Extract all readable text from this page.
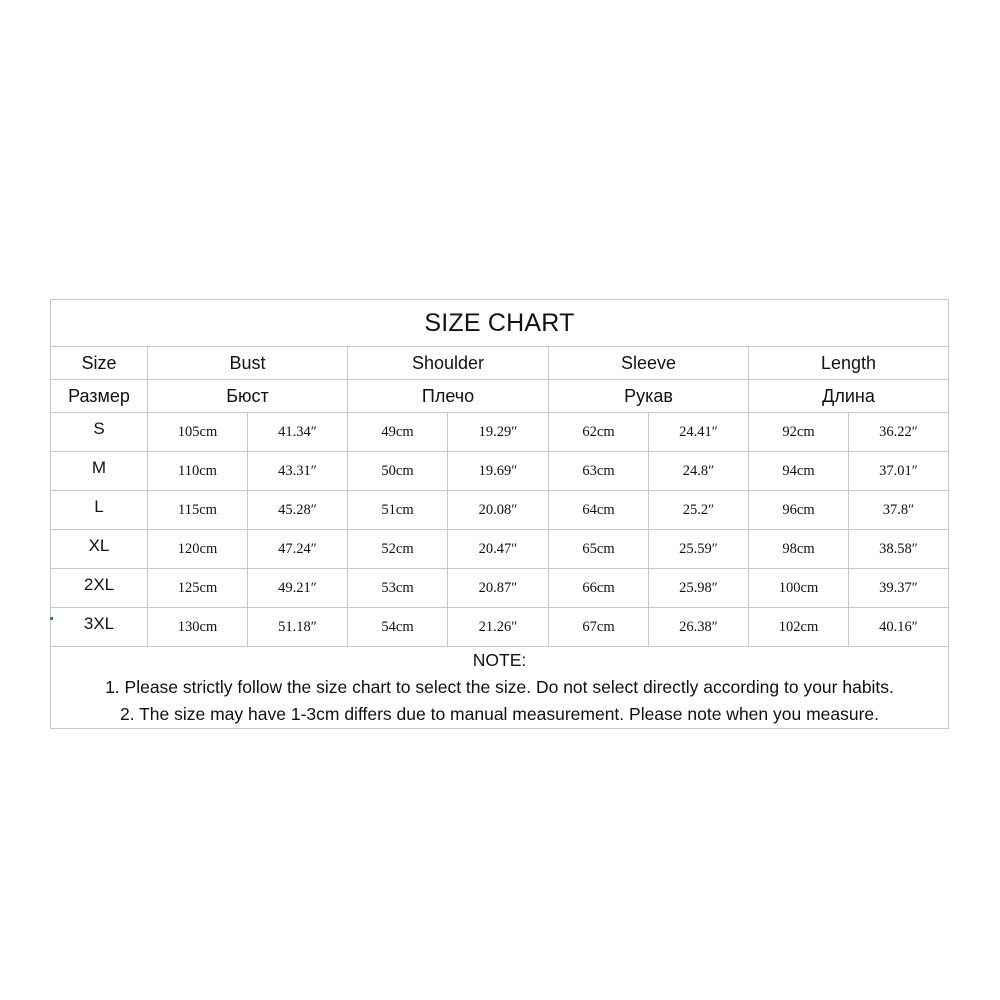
SIZE CHART								
Size	Bust		Shoulder		Sleeve		Length	
Размер	Бюст		Плечо		Рукав		Длина	
S	105cm	41.34″	49cm	19.29″	62cm	24.41″	92cm	36.22″
M	110cm	43.31″	50cm	19.69″	63cm	24.8″	94cm	37.01″
L	115cm	45.28″	51cm	20.08″	64cm	25.2″	96cm	37.8″
XL	120cm	47.24″	52cm	20.47″	65cm	25.59″	98cm	38.58″
2XL	125cm	49.21″	53cm	20.87″	66cm	25.98″	100cm	39.37″
3XL	130cm	51.18″	54cm	21.26″	67cm	26.38″	102cm	40.16″

NOTE:
1. Please strictly follow the size chart to select the size. Do not select directly according to your habits.
2. The size may have 1-3cm differs due to manual measurement. Please note when you measure.								
